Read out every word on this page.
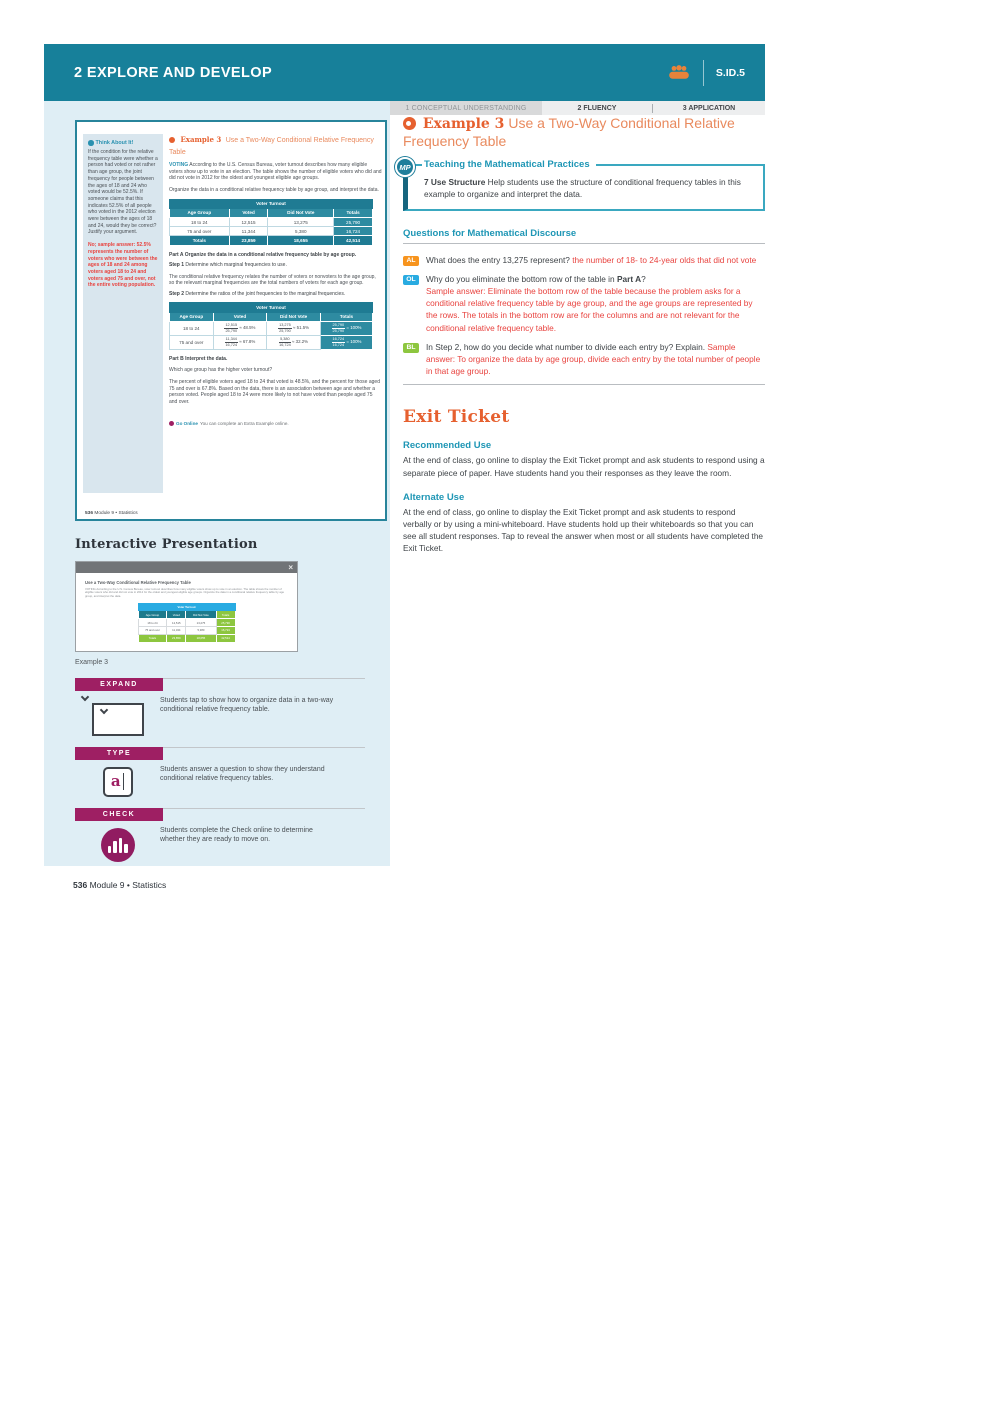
2 EXPLORE AND DEVELOP	S.ID.5
1 CONCEPTUAL UNDERSTANDING	2 FLUENCY	3 APPLICATION
Think About It!
If the condition for the relative frequency table were whether a person had voted or not rather than age group, the joint frequency for people between the ages of 18 and 24 who voted would be 52.5%. If someone claims that this indicates 52.5% of all people who voted in the 2012 election were between the ages of 18 and 24, would they be correct? Justify your argument.
No; sample answer: 52.5% represents the number of voters who were between the ages of 18 and 24 among voters aged 18 to 24 and voters aged 75 and over, not the entire voting population.
Example 3 Use a Two-Way Conditional Relative Frequency Table
VOTING According to the U.S. Census Bureau, voter turnout describes how many eligible voters show up to vote in an election. The table shows the number of eligible voters who did and did not vote in 2012 for the oldest and youngest eligible age groups.
Organize the data in a conditional relative frequency table by age group, and interpret the data.
Voter Turnout			
Age Group	Voted	Did Not Vote	Totals
18 to 24	12,515	13,275	25,790
75 and over	11,344	5,380	16,724
Totals	23,859	18,655	42,514
Part A Organize the data in a conditional relative frequency table by age group.
Step 1 Determine which marginal frequencies to use.
The conditional relative frequency relates the number of voters or nonvoters to the age group, so the relevant marginal frequencies are the total numbers of voters for each age group.
Step 2 Determine the ratios of the joint frequencies to the marginal frequencies.
Voter Turnout			
Age Group	Voted	Did Not Vote	Totals
18 to 24	$\frac{12,515}{25,790} \approx 48.5\%$	$\frac{13,275}{25,790} \approx 51.5\%$	$\frac{25,790}{25,790} = 100\%$
75 and over	$\frac{11,344}{16,724} \approx 67.8\%$	$\frac{5,380}{16,724} \approx 32.2\%$	$\frac{16,724}{16,724} = 100\%$
Part B Interpret the data.
Which age group has the higher voter turnout?
The percent of eligible voters aged 18 to 24 that voted is 48.5%, and the percent for those aged 75 and over is 67.8%. Based on the data, there is an association between age and whether a person voted. People aged 18 to 24 were more likely to not have voted than people aged 75 and over.
Go Online You can complete an Extra Example online.
536 Module 9 • Statistics
Interactive Presentation
×
Use a Two-Way Conditional Relative Frequency Table
VOTING According to the U.S. Census Bureau, voter turnout describes how many eligible voters show up to vote in an election. The table shows the number of eligible voters who did and did not vote in 2012 for the oldest and youngest eligible age groups. Organize the data in a conditional relative frequency table by age group, and interpret the data.
Voter Turnout			
Age Group	Voted	Did Not Vote	Totals
18 to 24	12,515	13,275	25,790
75 and over	11,344	5,380	16,724
Totals	23,859	18,655	42,514
Example 3
EXPAND
Students tap to show how to organize data in a two-way conditional relative frequency table.
TYPE
a
Students answer a question to show they understand conditional relative frequency tables.
CHECK
Students complete the Check online to determine whether they are ready to move on.
Example 3 Use a Two-Way Conditional Relative Frequency Table
MP	Teaching the Mathematical Practices
7 Use Structure Help students use the structure of conditional frequency tables in this example to organize and interpret the data.
Questions for Mathematical Discourse
AL	What does the entry 13,275 represent? the number of 18- to 24-year olds that did not vote
OL	Why do you eliminate the bottom row of the table in Part A?
Sample answer: Eliminate the bottom row of the table because the problem asks for a conditional relative frequency table by age group, and the age groups are represented by the rows. The totals in the bottom row are for the columns and are not relevant for the conditional relative frequency table.
BL	In Step 2, how do you decide what number to divide each entry by? Explain. Sample answer: To organize the data by age group, divide each entry by the total number of people in that age group.
Exit Ticket
Recommended Use
At the end of class, go online to display the Exit Ticket prompt and ask students to respond using a separate piece of paper. Have students hand you their responses as they leave the room.
Alternate Use
At the end of class, go online to display the Exit Ticket prompt and ask students to respond verbally or by using a mini-whiteboard. Have students hold up their whiteboards so that you can see all student responses. Tap to reveal the answer when most or all students have completed the Exit Ticket.
536 Module 9 • Statistics
